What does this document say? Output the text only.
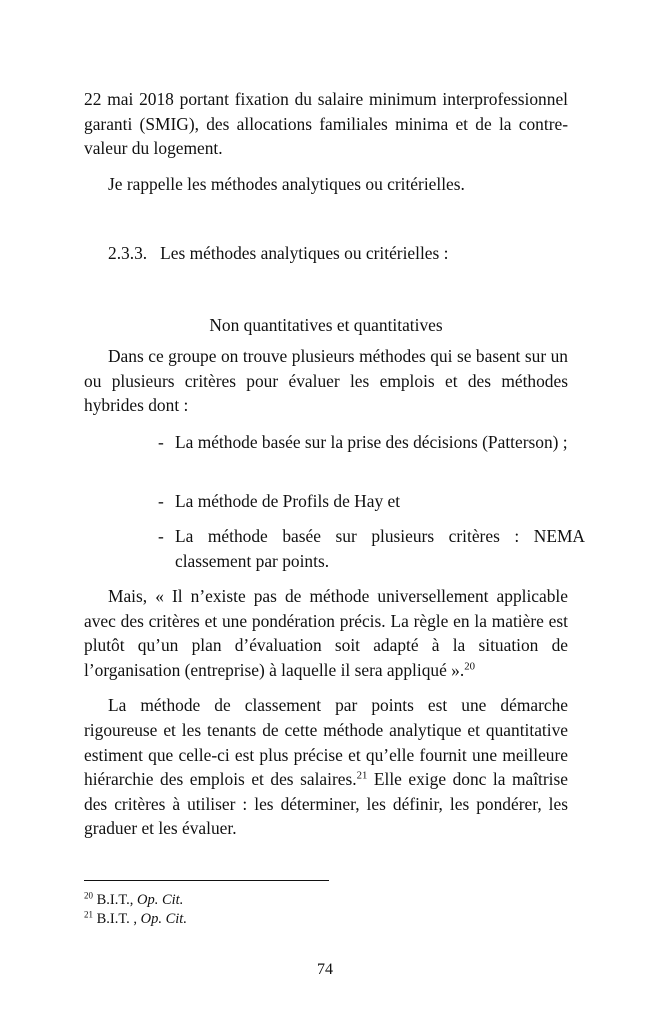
22 mai 2018 portant fixation du salaire minimum interprofessionnel garanti (SMIG), des allocations familiales minima et de la contre-valeur du logement.

Je rappelle les méthodes analytiques ou critérielles.

2.3.3.   Les méthodes analytiques ou critérielles :
Non quantitatives et quantitatives

Dans ce groupe on trouve plusieurs méthodes qui se basent sur un ou plusieurs critères pour évaluer les emplois et des méthodes hybrides dont :

- La méthode basée sur la prise des décisions (Patterson) ;
- La méthode de Profils de Hay et
- La méthode basée sur plusieurs critères : NEMA classement par points.

Mais, « Il n’existe pas de méthode universellement applicable avec des critères et une pondération précis. La règle en la matière est plutôt qu’un plan d’évaluation soit adapté à la situation de l’organisation (entreprise) à laquelle il sera appliqué ».$^{20}$

La méthode de classement par points est une démarche rigoureuse et les tenants de cette méthode analytique et quantitative estiment que celle-ci est plus précise et qu’elle fournit une meilleure hiérarchie des emplois et des salaires.$^{21}$ Elle exige donc la maîtrise des critères à utiliser : les déterminer, les définir, les pondérer, les graduer et les évaluer.

$^{20}$ B.I.T., Op. Cit.
$^{21}$ B.I.T. , Op. Cit.
74
